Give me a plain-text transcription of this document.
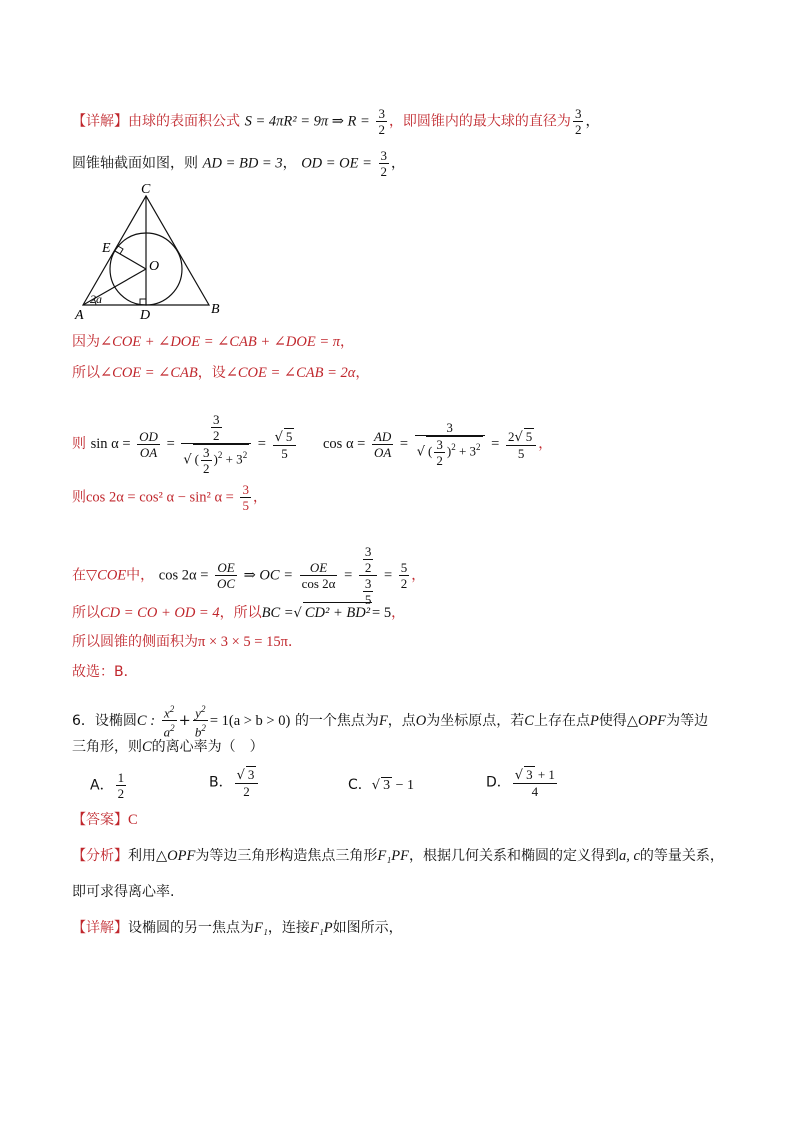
【详解】由球的表面积公式 S = 4πR² = 9π ⇒ $R = \frac{3}{2}$ ，即圆锥内的最大球的直径为 $\frac{3}{2}$ ，
圆锥轴截面如图，则 AD = BD = 3， OD = OE = $\frac{3}{2}$ ，
C
E
O
A	D	B
2a
因为∠COE + ∠DOE = ∠CAB + ∠DOE = π，
所以∠COE = ∠CAB，设∠COE = ∠CAB = 2α，
则 $\sin \alpha = \frac{OD}{OA} = \frac{\frac{3}{2}}{√ ( \frac{3}{2} )^2 + 3^2} = \frac{√ 5}{5}$ $\cos \alpha = \frac{AD}{OA} = \frac{3}{√ ( \frac{3}{2} )^2 + 3^2} = \frac{2√ 5}{5}$ ，
则cos 2α = cos² α − sin² $\alpha = \frac{3}{5}$ ，
在▽COE中， $\cos 2\alpha = \frac{OE}{OC}$ ⇒ OC = $\frac{OE}{\cos 2\alpha} = \frac{\frac{3}{2}}{\frac{3}{5}} = \frac{5}{2}$ ，
所以CD = CO + OD = 4，所以BC =√ CD² + BD² = 5，
所以圆锥的侧面积为π × 3 × 5 = 15π．
故选：B．
6．设椭圆C : $\frac{x^2}{a^2} + \frac{y^2}{b^2} = 1(a > b > 0)$ 的一个焦点为F，点O为坐标原点，若C上存在点P使得△OPF为等边
三角形，则C的离心率为（　）
A． $\frac{1}{2}$	B． $\frac{√ 3}{2}$	C．√ 3 − 1	D． $\frac{√ 3 + 1}{4}$
【答案】C
【分析】利用△OPF为等边三角形构造焦点三角形F₁PF，根据几何关系和椭圆的定义得到a, c的等量关系，
即可求得离心率.
【详解】设椭圆的另一焦点为F₁，连接F₁P如图所示，
